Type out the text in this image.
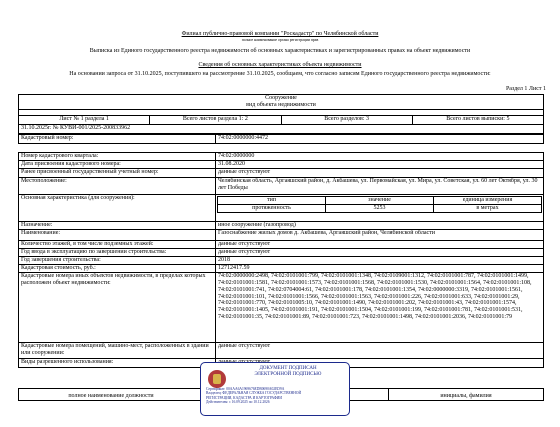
Филиал публично-правовой компании "Роскадастр" по Челябинской области
полное наименование органа регистрации прав
Выписка из Единого государственного реестра недвижимости об основных характеристиках и зарегистрированных правах на объект недвижимости
Сведения об основных характеристиках объекта недвижимости
На основании запроса от 31.10.2025, поступившего на рассмотрение 31.10.2025, сообщаем, что согласно записям Единого государственного реестра недвижимости:
Раздел 1 Лист 1
Сооружение
вид объекта недвижимости

Лист № 1 раздела 1	Всего листов раздела 1: 2	Всего разделов: 3	Всего листов выписки: 5
31.10.2025г. № КУВИ-001/2025-200833962
Кадастровый номер:	74:02:0000000:4472
Номер кадастрового квартала:	74:02:0000000
Дата присвоения кадастрового номера:	31.08.2020
Ранее присвоенный государственный учетный номер:	данные отсутствуют
Местоположение:	Челябинская область, Аргаяшский район, д. Акбашева, ул. Первомайская, ул. Мира, ул. Советская, ул. 60 лет Октября, ул. 30 лет Победы
Основная характеристика (для сооружения):		тип	значение	единица измерения
протяженность	5253	в метрах

Назначение:	иное сооружение (газопровод)
Наименование:	Газоснабжение жилых домов д. Акбашева, Аргаяшский район, Челябинской области
Количество этажей, в том числе подземных этажей:	данные отсутствуют
Год ввода в эксплуатацию по завершении строительства:	данные отсутствуют
Год завершения строительства:	2018
Кадастровая стоимость, руб.:	12712417.59
Кадастровые номера иных объектов недвижимости, в пределах которых расположен объект недвижимости:	74:02:0000000:2498, 74:02:0101001:799, 74:02:0101001:1348, 74:02:0109001:1312, 74:02:0101001:787, 74:02:0101001:1499, 74:02:0101001:1581, 74:02:0101001:1573, 74:02:0101001:1568, 74:02:0101001:1530, 74:02:0101001:1564, 74:02:0101001:108, 74:02:0101001:741, 74:02:0704004:61, 74:02:0101001:178, 74:02:0101001:1354, 74:02:0000000:3319, 74:02:0101001:1561, 74:02:0101001:101, 74:02:0101001:1566, 74:02:0101001:1563, 74:02:0101001:226, 74:02:0101001:633, 74:02:0101001:29, 74:02:0101001:770, 74:02:0101005:10, 74:02:0101001:1490, 74:02:0101001:202, 74:02:0101001:43, 74:02:0101001:1574, 74:02:0101001:1405, 74:02:0101001:191, 74:02:0101001:1504, 74:02:0101001:199, 74:02:0101001:781, 74:02:0101001:531, 74:02:0101001:35, 74:02:0101001:89, 74:02:0101001:723, 74:02:0101001:1498, 74:02:0101001:2036, 74:02:0101001:79
Кадастровые номера помещений, машино-мест, расположенных в здании или сооружении:	данные отсутствуют
Виды разрешенного использования:	
полное наименование должности		инициалы, фамилия
ДОКУМЕНТ ПОДПИСАН
ЭЛЕКТРОННОЙ ПОДПИСЬЮ
Сертификат: 00AAA6A1969676EDB0690A02ED9A
Владелец: ФЕДЕРАЛЬНАЯ СЛУЖБА ГОСУДАРСТВЕННОЙ
РЕГИСТРАЦИИ, КАДАСТРА И КАРТОГРАФИИ
Действителен: с 16.09.2025 по 10.12.2026
